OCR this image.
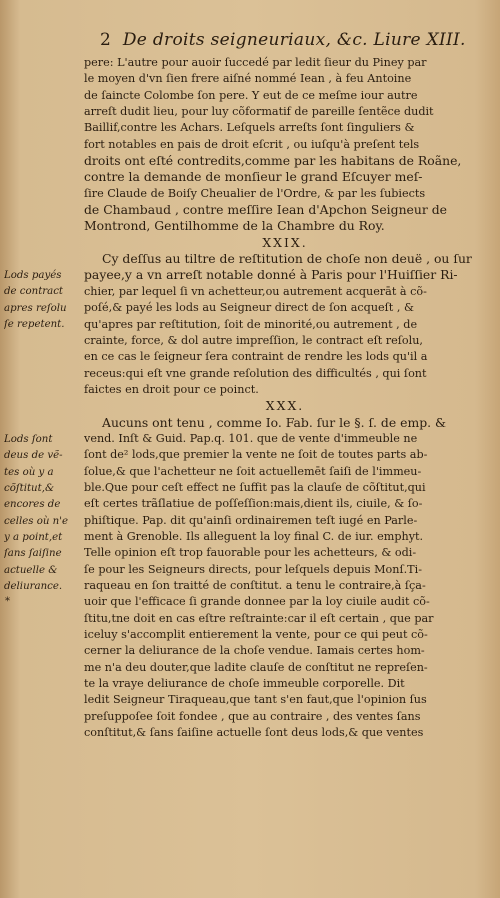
2 De droits seigneuriaux, &c. Liure XIII.
pere: L'autre pour auoir ſuccedé par ledit ſieur du Piney par
le moyen d'vn ſien frere aiſné nommé Iean , à feu Antoine
de ſaincte Colombe ſon pere. Y eut de ce meſme iour autre
arreſt dudit lieu, pour luy cõformatif de pareille ſentẽce dudit
Baillif,contre les Achars. Leſquels arreſts ſont ſinguliers &
fort notables en pais de droit eſcrit , ou iuſqu'à preſent tels
droits ont eſté contredits,comme par les habitans de Roãne,
contre la demande de monſieur le grand Eſcuyer meſ-
ſire Claude de Boiſy Cheualier de l'Ordre, & par les ſubiects
de Chambaud , contre meſſire Iean d'Apchon Seigneur de
Montrond, Gentilhomme de la Chambre du Roy.
XXIX.
Cy deſſus au tiltre de reſtitution de choſe non deuë , ou ſur
payee,y a vn arreſt notable donné à Paris pour l'Huiſſier Ri-
chier, par lequel ſi vn achetteur,ou autrement acquerāt à cõ-
poſé,& payé les lods au Seigneur direct de ſon acqueſt , &
qu'apres par reſtitution, ſoit de minorité,ou autrement , de
crainte, force, & dol autre impreſſion, le contract eſt reſolu,
en ce cas le ſeigneur ſera contraint de rendre les lods qu'il a
receus:qui eſt vne grande reſolution des difficultés , qui ſont
faictes en droit pour ce poinct.
XXX.
Aucuns ont tenu , comme Io. Fab. ſur le §. ſ. de emp. &
vend. Inſt & Guid. Pap.q. 101. que de vente d'immeuble ne
ſont de² lods,que premier la vente ne ſoit de toutes parts ab-
ſolue,& que l'achetteur ne ſoit actuellemēt ſaiſi de l'immeu-
ble.Que pour ceſt effect ne ſuffit pas la clauſe de cõſtitut,qui
eſt certes trãſlatiue de poſſeſſion:mais,dient ils, ciuile, & ſo-
phiſtique. Pap. dit qu'ainſi ordinairemen teſt iugé en Parle-
ment à Grenoble. Ils alleguent la loy final C. de iur. emphyt.
Telle opinion eſt trop fauorable pour les achetteurs, & odi-
ſe pour les Seigneurs directs, pour leſquels depuis Monſ.Ti-
raqueau en ſon traitté de conſtitut. a tenu le contraire,à ſça-
uoir que l'efficace ſi grande donnee par la loy ciuile audit cõ-
ſtitu,tne doit en cas eſtre reſtrainte:car il eſt certain , que par
iceluy s'accomplit entierement la vente, pour ce qui peut cõ-
cerner la deliurance de la choſe vendue. Iamais certes hom-
me n'a deu douter,que ladite clauſe de conſtitut ne repreſen-
te la vraye deliurance de choſe immeuble corporelle. Dit
ledit Seigneur Tiraqueau,que tant s'en faut,que l'opinion ſus
preſuppoſee ſoit fondee , que au contraire , des ventes ſans
conſtitut,& ſans ſaiſine actuelle ſont deus lods,& que ventes
Lods payés
de contract
apres reſolu
ſe repetent.
Lods ſont
deus de vẽ-
tes où y a
cõſtitut,&
encores de
celles où n'e
y a point,et
ſans ſaiſine
actuelle &
deliurance.
*
